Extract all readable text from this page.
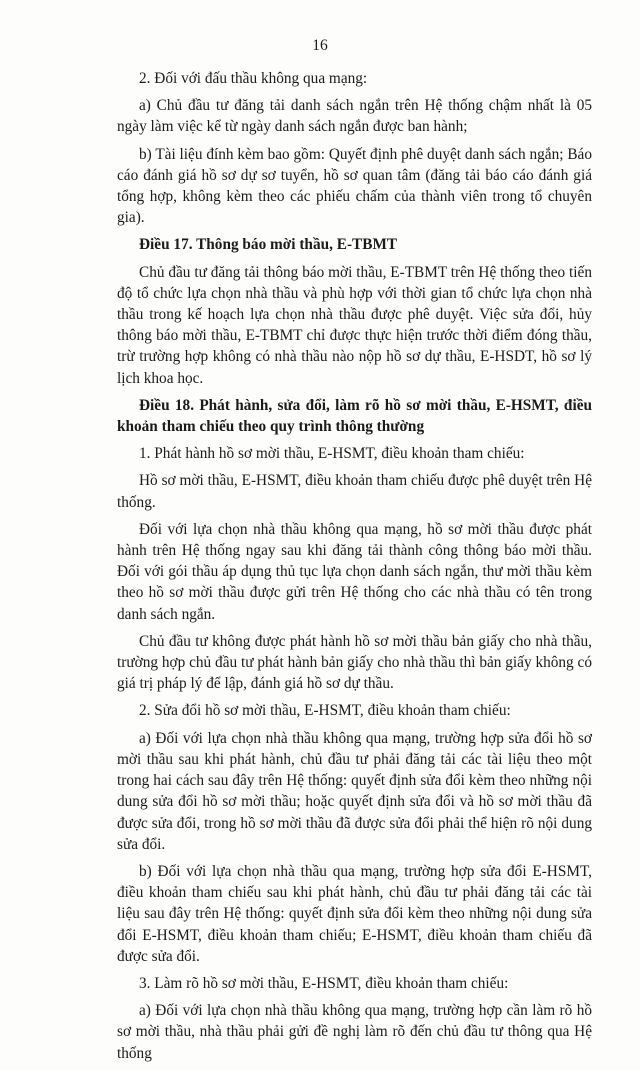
16

2. Đối với đấu thầu không qua mạng:

a) Chủ đầu tư đăng tải danh sách ngắn trên Hệ thống chậm nhất là 05 ngày làm việc kể từ ngày danh sách ngắn được ban hành;

b) Tài liệu đính kèm bao gồm: Quyết định phê duyệt danh sách ngắn; Báo cáo đánh giá hồ sơ dự sơ tuyển, hồ sơ quan tâm (đăng tải báo cáo đánh giá tổng hợp, không kèm theo các phiếu chấm của thành viên trong tổ chuyên gia).

Điều 17. Thông báo mời thầu, E-TBMT

Chủ đầu tư đăng tải thông báo mời thầu, E-TBMT trên Hệ thống theo tiến độ tổ chức lựa chọn nhà thầu và phù hợp với thời gian tổ chức lựa chọn nhà thầu trong kế hoạch lựa chọn nhà thầu được phê duyệt. Việc sửa đổi, hủy thông báo mời thầu, E-TBMT chỉ được thực hiện trước thời điểm đóng thầu, trừ trường hợp không có nhà thầu nào nộp hồ sơ dự thầu, E-HSDT, hồ sơ lý lịch khoa học.

Điều 18. Phát hành, sửa đổi, làm rõ hồ sơ mời thầu, E-HSMT, điều khoản tham chiếu theo quy trình thông thường

1. Phát hành hồ sơ mời thầu, E-HSMT, điều khoản tham chiếu:

Hồ sơ mời thầu, E-HSMT, điều khoản tham chiếu được phê duyệt trên Hệ thống.

Đối với lựa chọn nhà thầu không qua mạng, hồ sơ mời thầu được phát hành trên Hệ thống ngay sau khi đăng tải thành công thông báo mời thầu. Đối với gói thầu áp dụng thủ tục lựa chọn danh sách ngắn, thư mời thầu kèm theo hồ sơ mời thầu được gửi trên Hệ thống cho các nhà thầu có tên trong danh sách ngắn.

Chủ đầu tư không được phát hành hồ sơ mời thầu bản giấy cho nhà thầu, trường hợp chủ đầu tư phát hành bản giấy cho nhà thầu thì bản giấy không có giá trị pháp lý để lập, đánh giá hồ sơ dự thầu.

2. Sửa đổi hồ sơ mời thầu, E-HSMT, điều khoản tham chiếu:

a) Đối với lựa chọn nhà thầu không qua mạng, trường hợp sửa đổi hồ sơ mời thầu sau khi phát hành, chủ đầu tư phải đăng tải các tài liệu theo một trong hai cách sau đây trên Hệ thống: quyết định sửa đổi kèm theo những nội dung sửa đổi hồ sơ mời thầu; hoặc quyết định sửa đổi và hồ sơ mời thầu đã được sửa đổi, trong hồ sơ mời thầu đã được sửa đổi phải thể hiện rõ nội dung sửa đổi.

b) Đối với lựa chọn nhà thầu qua mạng, trường hợp sửa đổi E-HSMT, điều khoản tham chiếu sau khi phát hành, chủ đầu tư phải đăng tải các tài liệu sau đây trên Hệ thống: quyết định sửa đổi kèm theo những nội dung sửa đổi E-HSMT, điều khoản tham chiếu; E-HSMT, điều khoản tham chiếu đã được sửa đổi.

3. Làm rõ hồ sơ mời thầu, E-HSMT, điều khoản tham chiếu:

a) Đối với lựa chọn nhà thầu không qua mạng, trường hợp cần làm rõ hồ sơ mời thầu, nhà thầu phải gửi đề nghị làm rõ đến chủ đầu tư thông qua Hệ thống
